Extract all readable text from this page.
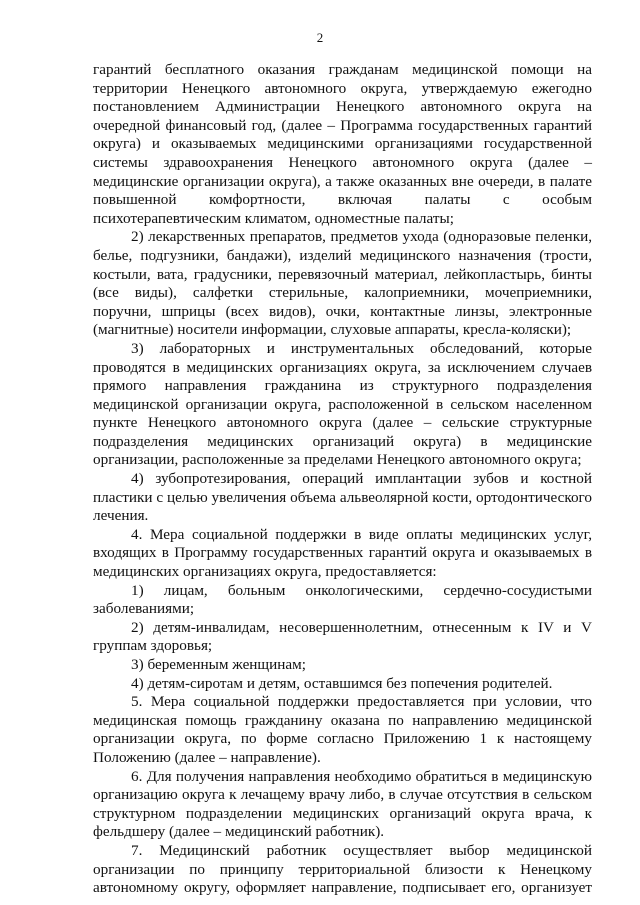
2

гарантий бесплатного оказания гражданам медицинской помощи на территории Ненецкого автономного округа, утверждаемую ежегодно постановлением Администрации Ненецкого автономного округа на очередной финансовый год, (далее – Программа государственных гарантий округа) и оказываемых медицинскими организациями государственной системы здравоохранения Ненецкого автономного округа (далее – медицинские организации округа), а также оказанных вне очереди, в палате повышенной комфортности, включая палаты с особым психотерапевтическим климатом, одноместные палаты;

2) лекарственных препаратов, предметов ухода (одноразовые пеленки, белье, подгузники, бандажи), изделий медицинского назначения (трости, костыли, вата, градусники, перевязочный материал, лейкопластырь, бинты (все виды), салфетки стерильные, калоприемники, мочеприемники, поручни, шприцы (всех видов), очки, контактные линзы, электронные (магнитные) носители информации, слуховые аппараты, кресла-коляски);

3) лабораторных и инструментальных обследований, которые проводятся в медицинских организациях округа, за исключением случаев прямого направления гражданина из структурного подразделения медицинской организации округа, расположенной в сельском населенном пункте Ненецкого автономного округа (далее – сельские структурные подразделения медицинских организаций округа) в медицинские организации, расположенные за пределами Ненецкого автономного округа;

4) зубопротезирования, операций имплантации зубов и костной пластики с целью увеличения объема альвеолярной кости, ортодонтического лечения.

4. Мера социальной поддержки в виде оплаты медицинских услуг, входящих в Программу государственных гарантий округа и оказываемых в медицинских организациях округа, предоставляется:

1) лицам, больным онкологическими, сердечно-сосудистыми заболеваниями;

2) детям-инвалидам, несовершеннолетним, отнесенным к IV и V группам здоровья;

3) беременным женщинам;

4) детям-сиротам и детям, оставшимся без попечения родителей.

5. Мера социальной поддержки предоставляется при условии, что медицинская помощь гражданину оказана по направлению медицинской организации округа, по форме согласно Приложению 1 к настоящему Положению (далее – направление).

6. Для получения направления необходимо обратиться в медицинскую организацию округа к лечащему врачу либо, в случае отсутствия в сельском структурном подразделении медицинских организаций округа врача, к фельдшеру (далее – медицинский работник).

7. Медицинский работник осуществляет выбор медицинской организации по принципу территориальной близости к Ненецкому автономному округу, оформляет направление, подписывает его, организует
